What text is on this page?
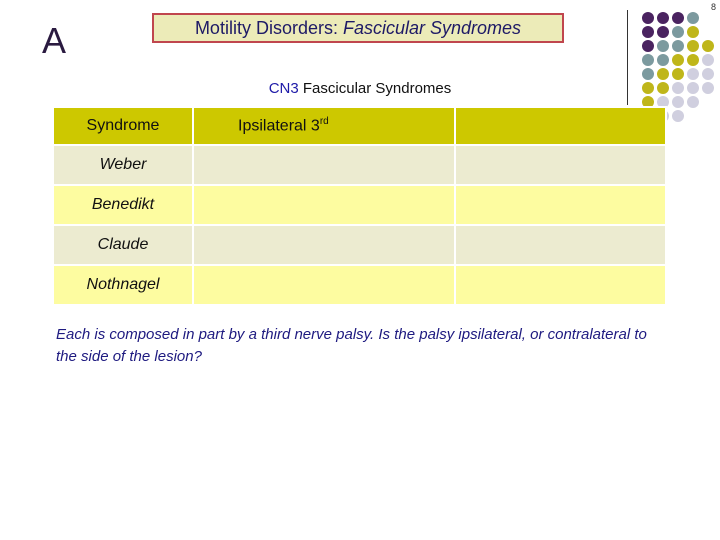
8
A	Motility Disorders:
Fascicular Syndromes
CN3 Fascicular Syndromes
Syndrome	Ipsilateral 3rd	
Weber		
Benedikt		
Claude		
Nothnagel		
Each is composed in part by a third nerve palsy. Is the palsy ipsilateral, or contralateral to the side of the lesion?
